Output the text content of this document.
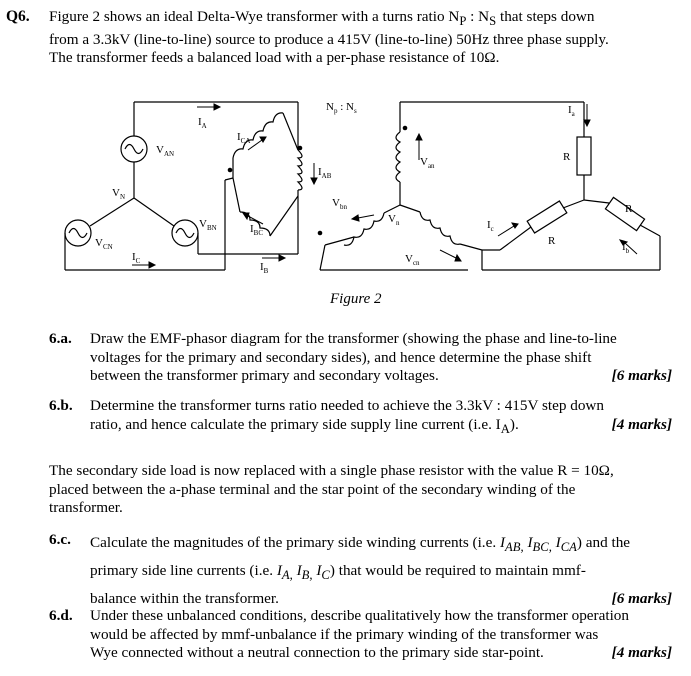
Q6. Figure 2 shows an ideal Delta-Wye transformer with a turns ratio $N_P$ : $N_S$ that steps down
from a 3.3kV (line-to-line) source to produce a 415V (line-to-line) 50Hz three phase supply.
The transformer feeds a balanced load with a per-phase resistance of 10Ω.
$N_p$ : $N_s$
$I_A$
$I_{CA}$
$I_{AB}$
$I_{BC}$
$I_B$
$I_C$
$V_{AN}$
$V_{BN}$
$V_{CN}$
$V_N$
$V_{an}$
$V_{bn}$
$V_{cn}$
$V_n$
$I_a$
$I_b$
$I_c$
R
R
R
Figure 2
6.a. Draw the EMF-phasor diagram for the transformer (showing the phase and line-to-line
voltages for the primary and secondary sides), and hence determine the phase shift
between the transformer primary and secondary voltages.	[6 marks]
6.b. Determine the transformer turns ratio needed to achieve the 3.3kV : 415V step down
ratio, and hence calculate the primary side supply line current (i.e. $I_A$).	[4 marks]
The secondary side load is now replaced with a single phase resistor with the value R = 10Ω,
placed between the a-phase terminal and the star point of the secondary winding of the
transformer.
6.c. Calculate the magnitudes of the primary side winding currents (i.e. $I_{AB,}$ $I_{BC,}$ $I_{CA}$) and the
primary side line currents (i.e. $I_{A,}$ $I_{B,}$ $I_C$) that would be required to maintain mmf-
balance within the transformer.	[6 marks]
6.d. Under these unbalanced conditions, describe qualitatively how the transformer operation
would be affected by mmf-unbalance if the primary winding of the transformer was
Wye connected without a neutral connection to the primary side star-point.	[4 marks]
